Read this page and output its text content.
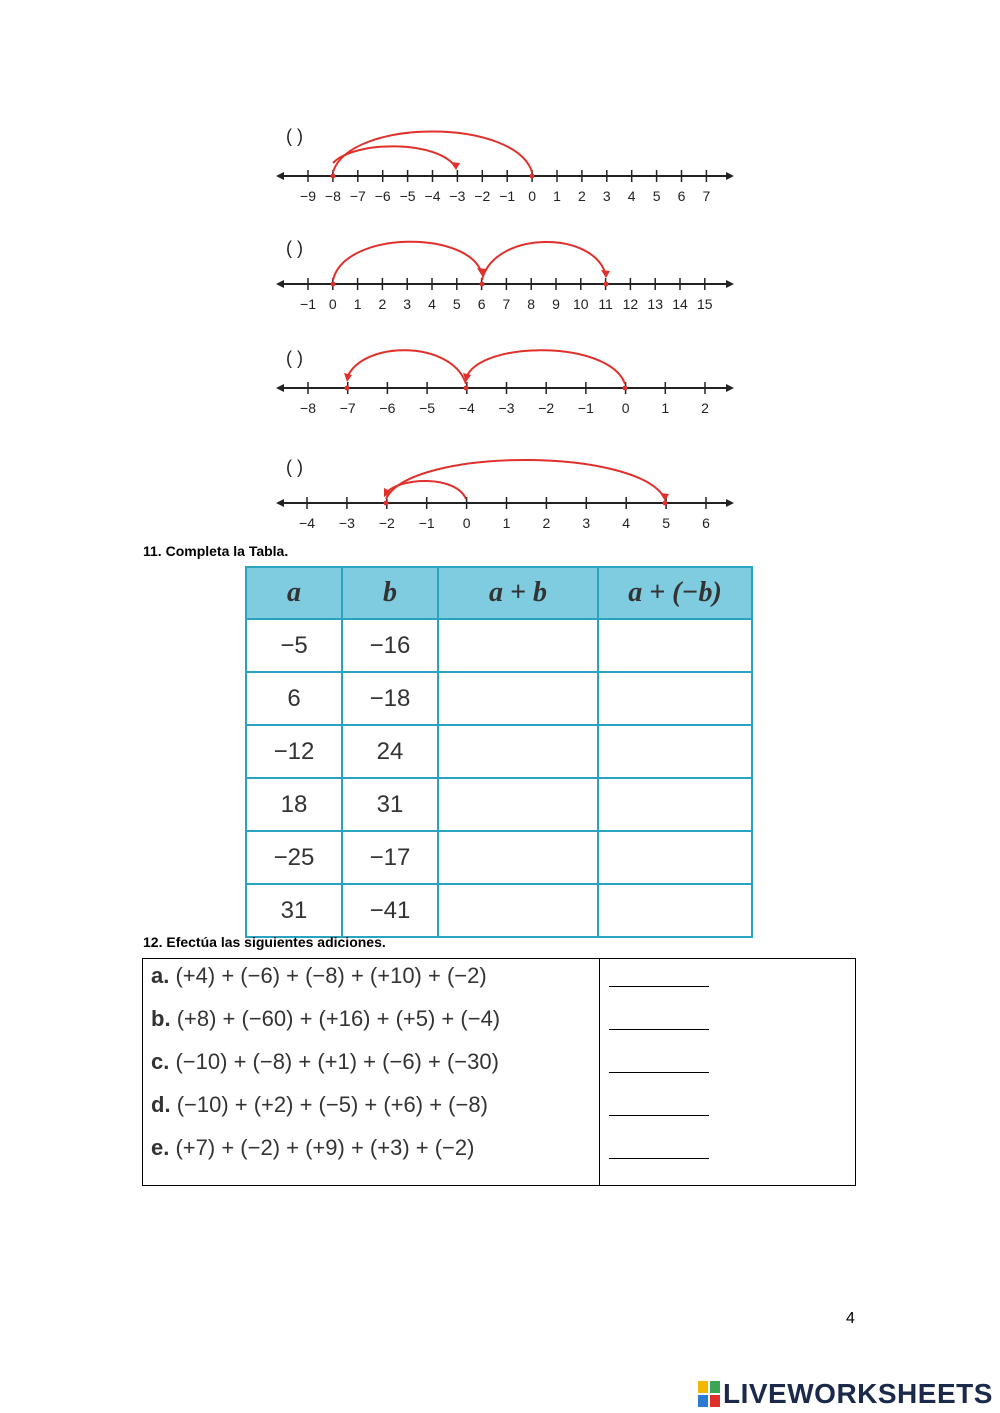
( )
−9 −8 −7 −6 −5 −4 −3 −2 −1 0 1 2 3 4 5 6 7
( )
−1 0 1 2 3 4 5 6 7 8 9 10 11 12 13 14 15
( )
−8 −7 −6 −5 −4 −3 −2 −1 0 1 2
( )
−4 −3 −2 −1 0 1 2 3 4 5 6
11. Completa la Tabla.
a	b	a + b	a + (−b)
−5	−16		
6	−18		
−12	24		
18	31		
−25	−17		
31	−41		
12. Efectúa las siguientes adiciones.
a. (+4) + (−6) + (−8) + (+10) + (−2)
b. (+8) + (−60) + (+16) + (+5) + (−4)
c. (−10) + (−8) + (+1) + (−6) + (−30)
d. (−10) + (+2) + (−5) + (+6) + (−8)
e. (+7) + (−2) + (+9) + (+3) + (−2)
4
LIVEWORKSHEETS
